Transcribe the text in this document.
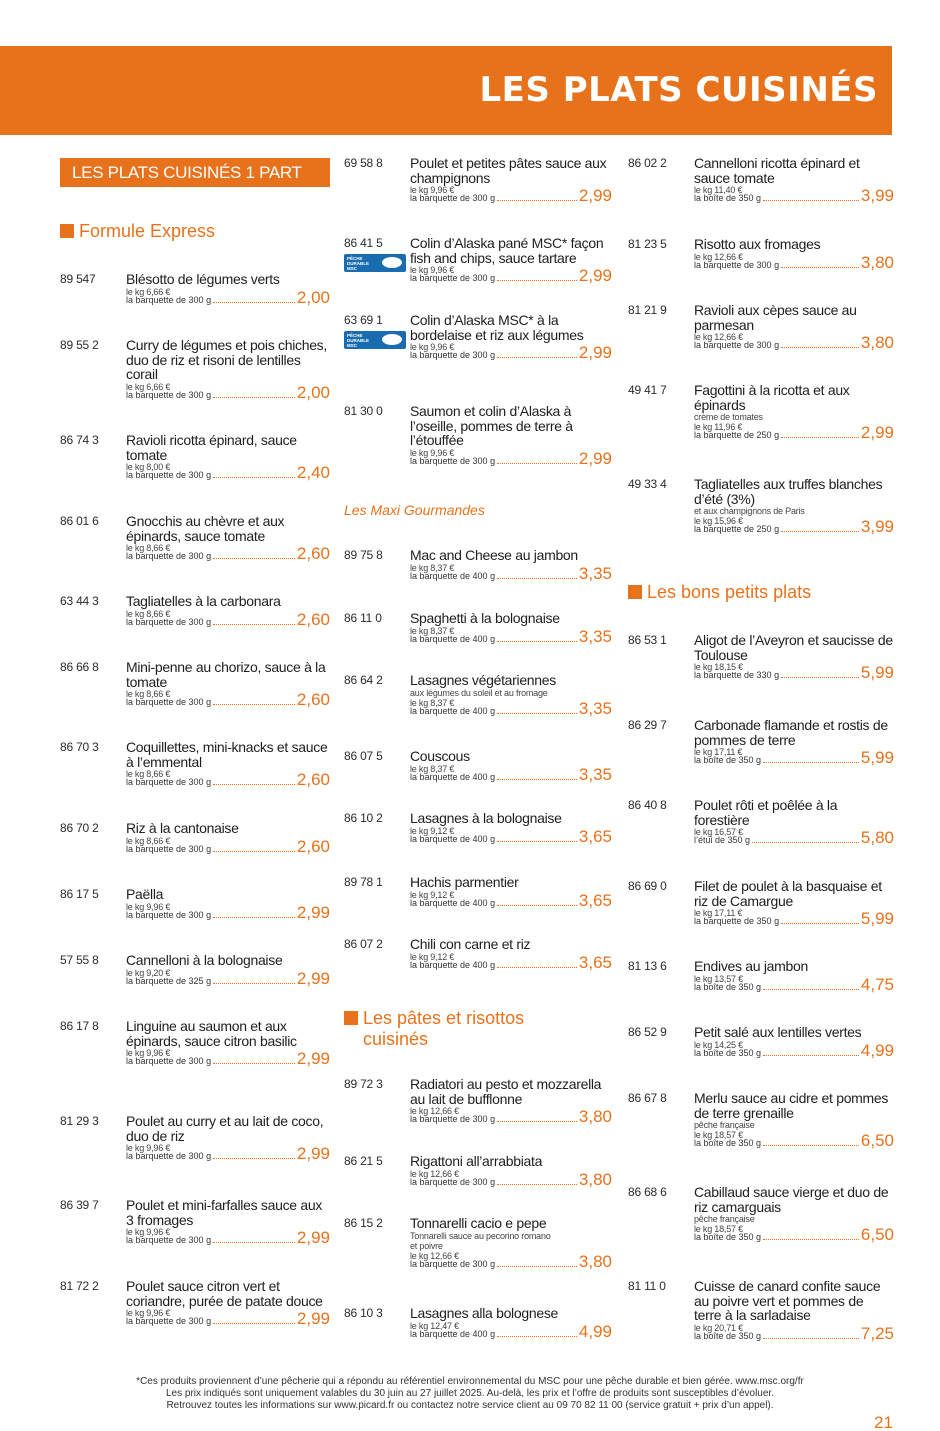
LES PLATS CUISINÉS
LES PLATS CUISINÉS 1 PART
Formule Express
89 547 Blésotto de légumes verts
le kg 6,66 €
la barquette de 300 g	2,00
89 55 2 Curry de légumes et pois chiches, duo de riz et risoni de lentilles corail
le kg 6,66 €
la barquette de 300 g	2,00
86 74 3 Ravioli ricotta épinard, sauce tomate
le kg 8,00 €
la barquette de 300 g	2,40
86 01 6 Gnocchis au chèvre et aux épinards, sauce tomate
le kg 8,66 €
la barquette de 300 g	2,60
63 44 3 Tagliatelles à la carbonara
le kg 8,66 €
la barquette de 300 g	2,60
86 66 8 Mini-penne au chorizo, sauce à la tomate
le kg 8,66 €
la barquette de 300 g	2,60
86 70 3 Coquillettes, mini-knacks et sauce à l’emmental
le kg 8,66 €
la barquette de 300 g	2,60
86 70 2 Riz à la cantonaise
le kg 8,66 €
la barquette de 300 g	2,60
86 17 5 Paëlla
le kg 9,96 €
la barquette de 300 g	2,99
57 55 8 Cannelloni à la bolognaise
le kg 9,20 €
la barquette de 325 g	2,99
86 17 8 Linguine au saumon et aux épinards, sauce citron basilic
le kg 9,96 €
la barquette de 300 g	2,99
81 29 3 Poulet au curry et au lait de coco, duo de riz
le kg 9,96 €
la barquette de 300 g	2,99
86 39 7 Poulet et mini-farfalles sauce aux 3 fromages
le kg 9,96 €
la barquette de 300 g	2,99
81 72 2 Poulet sauce citron vert et coriandre, purée de patate douce
le kg 9,96 €
la barquette de 300 g	2,99
69 58 8 Poulet et petites pâtes sauce aux champignons
le kg 9,96 €
la barquette de 300 g	2,99
86 41 5 Colin d’Alaska pané MSC* façon fish and chips, sauce tartare
PÊCHE
DURABLE
MSC	le kg 9,96 €
la barquette de 300 g	2,99
63 69 1 Colin d’Alaska MSC* à la bordelaise et riz aux légumes
PÊCHE
DURABLE
MSC	le kg 9,96 €
la barquette de 300 g	2,99
81 30 0 Saumon et colin d’Alaska à l’oseille, pommes de terre à l’étouffée
le kg 9,96 €
la barquette de 300 g	2,99
Les Maxi Gourmandes
89 75 8 Mac and Cheese au jambon
le kg 8,37 €
la barquette de 400 g	3,35
86 11 0 Spaghetti à la bolognaise
le kg 8,37 €
la barquette de 400 g	3,35
86 64 2 Lasagnes végétariennes
aux légumes du soleil et au fromage
le kg 8,37 €
la barquette de 400 g	3,35
86 07 5 Couscous
le kg 8,37 €
la barquette de 400 g	3,35
86 10 2 Lasagnes à la bolognaise
le kg 9,12 €
la barquette de 400 g	3,65
89 78 1 Hachis parmentier
le kg 9,12 €
la barquette de 400 g	3,65
86 07 2 Chili con carne et riz
le kg 9,12 €
la barquette de 400 g	3,65
Les pâtes et risottos
cuisinés
89 72 3 Radiatori au pesto et mozzarella au lait de bufflonne
le kg 12,66 €
la barquette de 300 g	3,80
86 21 5 Rigattoni all’arrabbiata
le kg 12,66 €
la barquette de 300 g	3,80
86 15 2 Tonnarelli cacio e pepe
Tonnarelli sauce au pecorino romano
et poivre
le kg 12,66 €
la barquette de 300 g	3,80
86 10 3 Lasagnes alla bolognese
le kg 12,47 €
la barquette de 400 g	4,99
86 02 2 Cannelloni ricotta épinard et sauce tomate
le kg 11,40 €
la boîte de 350 g	3,99
81 23 5 Risotto aux fromages
le kg 12,66 €
la barquette de 300 g	3,80
81 21 9 Ravioli aux cèpes sauce au parmesan
le kg 12,66 €
la barquette de 300 g	3,80
49 41 7 Fagottini à la ricotta et aux épinards
crème de tomates
le kg 11,96 €
la barquette de 250 g	2,99
49 33 4 Tagliatelles aux truffes blanches d’été (3%)
et aux champignons de Paris
le kg 15,96 €
la barquette de 250 g	3,99
Les bons petits plats
86 53 1 Aligot de l’Aveyron et saucisse de Toulouse
le kg 18,15 €
la barquette de 330 g	5,99
86 29 7 Carbonade flamande et rostis de pommes de terre
le kg 17,11 €
la boîte de 350 g	5,99
86 40 8 Poulet rôti et poêlée à la forestière
le kg 16,57 €
l’étui de 350 g	5,80
86 69 0 Filet de poulet à la basquaise et riz de Camargue
le kg 17,11 €
la barquette de 350 g	5,99
81 13 6 Endives au jambon
le kg 13,57 €
la boîte de 350 g	4,75
86 52 9 Petit salé aux lentilles vertes
le kg 14,25 €
la boîte de 350 g	4,99
86 67 8 Merlu sauce au cidre et pommes de terre grenaille
pêche française
le kg 18,57 €
la boîte de 350 g	6,50
86 68 6 Cabillaud sauce vierge et duo de riz camarguais
pêche française
le kg 18,57 €
la boîte de 350 g	6,50
81 11 0 Cuisse de canard confite sauce au poivre vert et pommes de terre à la sarladaise
le kg 20,71 €
la boîte de 350 g	7,25
*Ces produits proviennent d’une pêcherie qui a répondu au référentiel environnemental du MSC pour une pêche durable et bien gérée. www.msc.org/fr
Les prix indiqués sont uniquement valables du 30 juin au 27 juillet 2025. Au-delà, les prix et l’offre de produits sont susceptibles d’évoluer.
Retrouvez toutes les informations sur www.picard.fr ou contactez notre service client au 09 70 82 11 00 (service gratuit + prix d’un appel).
21
